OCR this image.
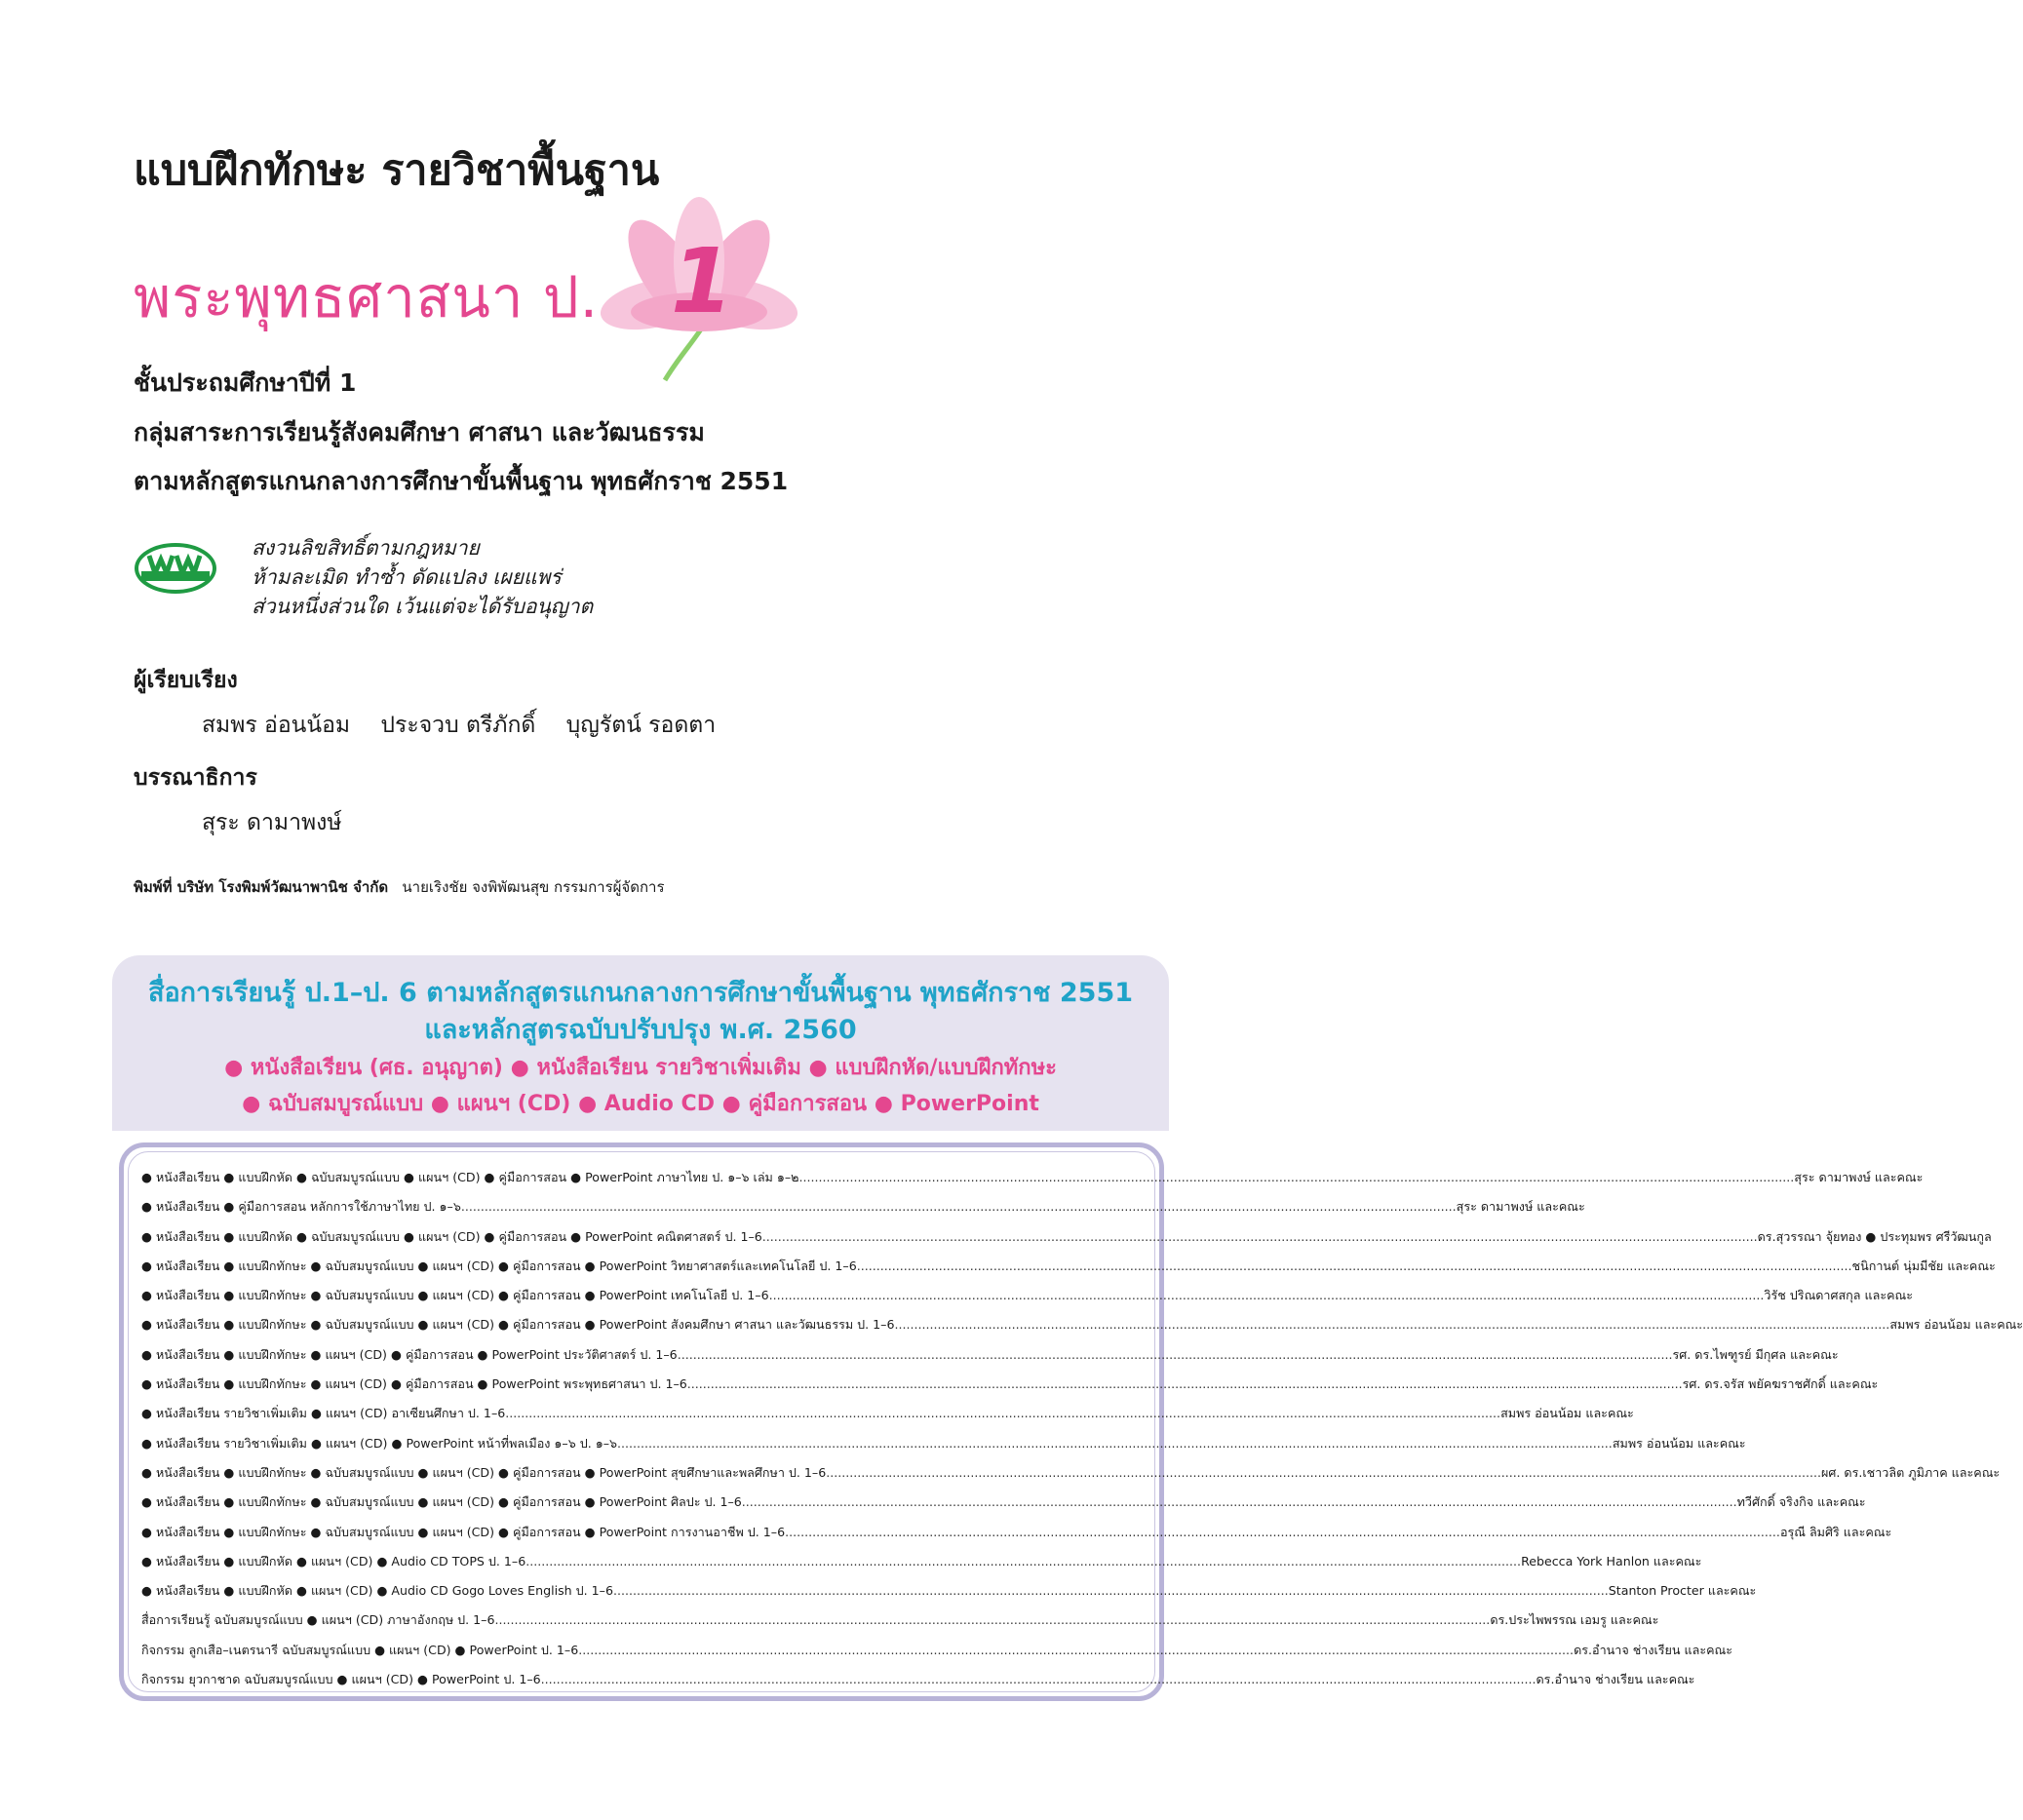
แบบฝึกทักษะ รายวิชาพื้นฐาน
พระพุทธศาสนา ป. 1
ชั้นประถมศึกษาปีที่ 1
กลุ่มสาระการเรียนรู้สังคมศึกษา ศาสนา และวัฒนธรรม
ตามหลักสูตรแกนกลางการศึกษาขั้นพื้นฐาน พุทธศักราช 2551
สงวนลิขสิทธิ์ตามกฎหมาย
ห้ามละเมิด ทำซ้ำ ดัดแปลง เผยแพร่
ส่วนหนึ่งส่วนใด เว้นแต่จะได้รับอนุญาต
ผู้เรียบเรียง
สมพร อ่อนน้อม ประจวบ ตรีภักดิ์ บุญรัตน์ รอดตา
บรรณาธิการ
สุระ ดามาพงษ์
พิมพ์ที่ บริษัท โรงพิมพ์วัฒนาพานิช จำกัด นายเริงชัย จงพิพัฒนสุข กรรมการผู้จัดการ
สื่อการเรียนรู้ ป.1–ป. 6 ตามหลักสูตรแกนกลางการศึกษาขั้นพื้นฐาน พุทธศักราช 2551
และหลักสูตรฉบับปรับปรุง พ.ศ. 2560
● หนังสือเรียน (ศธ. อนุญาต) ● หนังสือเรียน รายวิชาเพิ่มเติม ● แบบฝึกหัด/แบบฝึกทักษะ
● ฉบับสมบูรณ์แบบ ● แผนฯ (CD) ● Audio CD ● คู่มือการสอน ● PowerPoint
● หนังสือเรียน ● แบบฝึกหัด ● ฉบับสมบูรณ์แบบ ● แผนฯ (CD) ● คู่มือการสอน ● PowerPoint ภาษาไทย ป. ๑–๖ เล่ม ๑–๒ .....	สุระ ดามาพงษ์ และคณะ
● หนังสือเรียน ● คู่มือการสอน หลักการใช้ภาษาไทย ป. ๑–๖ .....	สุระ ดามาพงษ์ และคณะ
● หนังสือเรียน ● แบบฝึกหัด ● ฉบับสมบูรณ์แบบ ● แผนฯ (CD) ● คู่มือการสอน ● PowerPoint คณิตศาสตร์ ป. 1–6 .....	ดร.สุวรรณา จุ้ยทอง ● ประทุมพร ศรีวัฒนกูล
● หนังสือเรียน ● แบบฝึกทักษะ ● ฉบับสมบูรณ์แบบ ● แผนฯ (CD) ● คู่มือการสอน ● PowerPoint วิทยาศาสตร์และเทคโนโลยี ป. 1–6 .....	ชนิกานต์ นุ่มมีชัย และคณะ
● หนังสือเรียน ● แบบฝึกทักษะ ● ฉบับสมบูรณ์แบบ ● แผนฯ (CD) ● คู่มือการสอน ● PowerPoint เทคโนโลยี ป. 1–6 .....	วิรัช ปริณดาศสกุล และคณะ
● หนังสือเรียน ● แบบฝึกทักษะ ● ฉบับสมบูรณ์แบบ ● แผนฯ (CD) ● คู่มือการสอน ● PowerPoint สังคมศึกษา ศาสนา และวัฒนธรรม ป. 1–6 .....	สมพร อ่อนน้อม และคณะ
● หนังสือเรียน ● แบบฝึกทักษะ ● แผนฯ (CD) ● คู่มือการสอน ● PowerPoint ประวัติศาสตร์ ป. 1–6 .....	รศ. ดร.ไพฑูรย์ มีกุศล และคณะ
● หนังสือเรียน ● แบบฝึกทักษะ ● แผนฯ (CD) ● คู่มือการสอน ● PowerPoint พระพุทธศาสนา ป. 1–6 .....	รศ. ดร.จรัส พยัคฆราชศักดิ์ และคณะ
● หนังสือเรียน รายวิชาเพิ่มเติม ● แผนฯ (CD) อาเซียนศึกษา ป. 1–6 .....	สมพร อ่อนน้อม และคณะ
● หนังสือเรียน รายวิชาเพิ่มเติม ● แผนฯ (CD) ● PowerPoint หน้าที่พลเมือง ๑–๖ ป. ๑–๖ .....	สมพร อ่อนน้อม และคณะ
● หนังสือเรียน ● แบบฝึกทักษะ ● ฉบับสมบูรณ์แบบ ● แผนฯ (CD) ● คู่มือการสอน ● PowerPoint สุขศึกษาและพลศึกษา ป. 1–6 .....	ผศ. ดร.เชาวลิต ภูมิภาค และคณะ
● หนังสือเรียน ● แบบฝึกทักษะ ● ฉบับสมบูรณ์แบบ ● แผนฯ (CD) ● คู่มือการสอน ● PowerPoint ศิลปะ ป. 1–6 .....	ทวีศักดิ์ จริงกิจ และคณะ
● หนังสือเรียน ● แบบฝึกทักษะ ● ฉบับสมบูรณ์แบบ ● แผนฯ (CD) ● คู่มือการสอน ● PowerPoint การงานอาชีพ ป. 1–6 .....	อรุณี ลิมศิริ และคณะ
● หนังสือเรียน ● แบบฝึกหัด ● แผนฯ (CD) ● Audio CD TOPS ป. 1–6 .....	Rebecca York Hanlon และคณะ
● หนังสือเรียน ● แบบฝึกหัด ● แผนฯ (CD) ● Audio CD Gogo Loves English ป. 1–6 .....	Stanton Procter และคณะ
สื่อการเรียนรู้ ฉบับสมบูรณ์แบบ ● แผนฯ (CD) ภาษาอังกฤษ ป. 1–6 .....	ดร.ประไพพรรณ เอมรู และคณะ
กิจกรรม ลูกเสือ–เนตรนารี ฉบับสมบูรณ์แบบ ● แผนฯ (CD) ● PowerPoint ป. 1–6 .....	ดร.อำนาจ ช่างเรียน และคณะ
กิจกรรม ยุวกาชาด ฉบับสมบูรณ์แบบ ● แผนฯ (CD) ● PowerPoint ป. 1–6 .....	ดร.อำนาจ ช่างเรียน และคณะ
